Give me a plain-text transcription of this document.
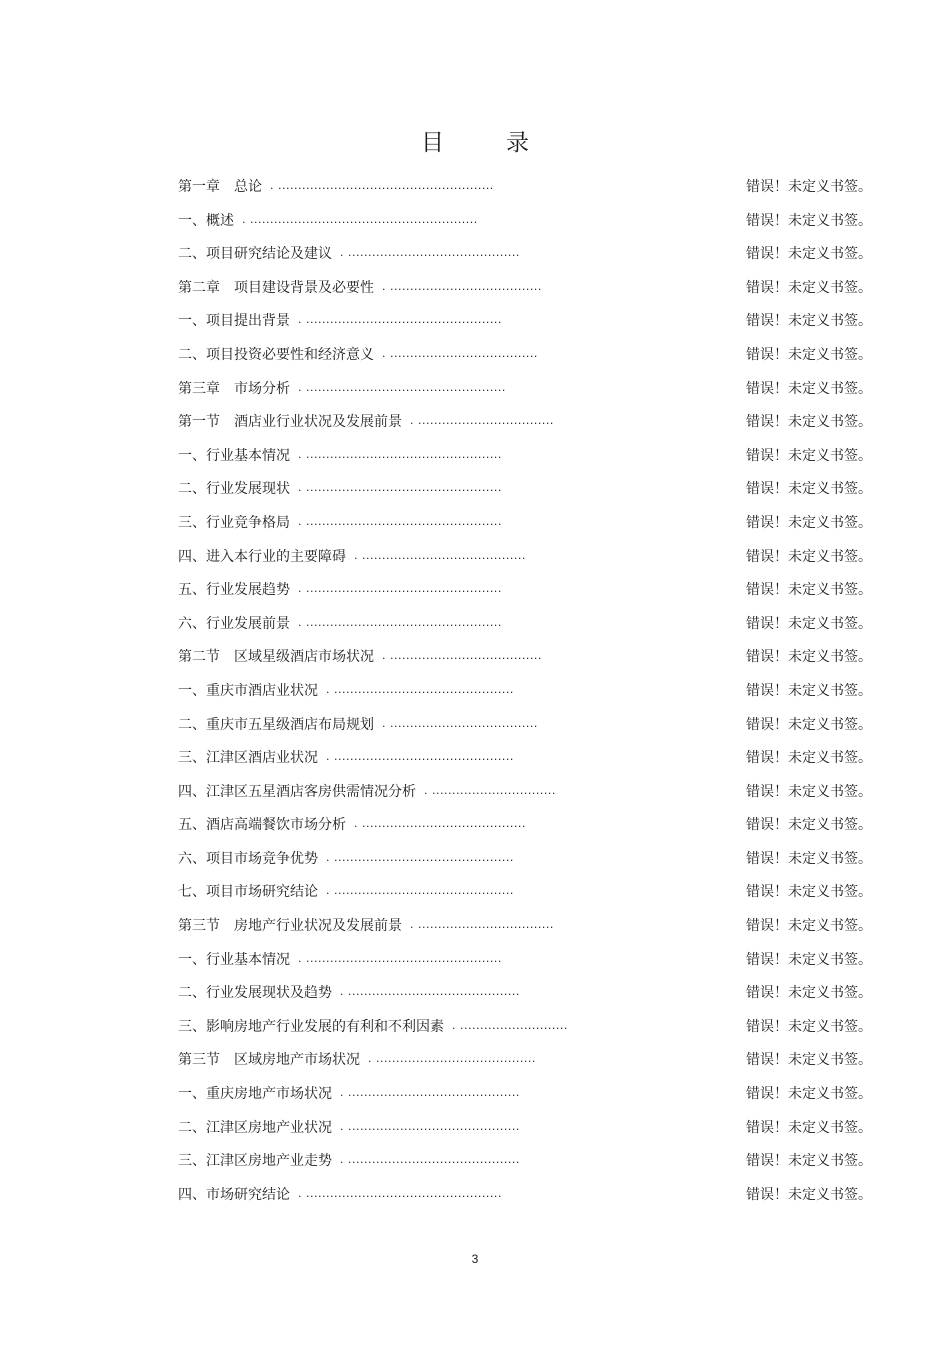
目	录
第一章　总论 . ......................................................	错误！未定义书签。
一、概述 . .........................................................	错误！未定义书签。
二、项目研究结论及建议 . ...........................................	错误！未定义书签。
第二章　项目建设背景及必要性 . ......................................	错误！未定义书签。
一、项目提出背景 . .................................................	错误！未定义书签。
二、项目投资必要性和经济意义 . .....................................	错误！未定义书签。
第三章　市场分析 . ..................................................	错误！未定义书签。
第一节　酒店业行业状况及发展前景 . ..................................	错误！未定义书签。
一、行业基本情况 . .................................................	错误！未定义书签。
二、行业发展现状 . .................................................	错误！未定义书签。
三、行业竞争格局 . .................................................	错误！未定义书签。
四、进入本行业的主要障碍 . .........................................	错误！未定义书签。
五、行业发展趋势 . .................................................	错误！未定义书签。
六、行业发展前景 . .................................................	错误！未定义书签。
第二节　区域星级酒店市场状况 . ......................................	错误！未定义书签。
一、重庆市酒店业状况 . .............................................	错误！未定义书签。
二、重庆市五星级酒店布局规划 . .....................................	错误！未定义书签。
三、江津区酒店业状况 . .............................................	错误！未定义书签。
四、江津区五星酒店客房供需情况分析 . ...............................	错误！未定义书签。
五、酒店高端餐饮市场分析 . .........................................	错误！未定义书签。
六、项目市场竞争优势 . .............................................	错误！未定义书签。
七、项目市场研究结论 . .............................................	错误！未定义书签。
第三节　房地产行业状况及发展前景 . ..................................	错误！未定义书签。
一、行业基本情况 . .................................................	错误！未定义书签。
二、行业发展现状及趋势 . ...........................................	错误！未定义书签。
三、影响房地产行业发展的有利和不利因素 . ...........................	错误！未定义书签。
第三节　区域房地产市场状况 . ........................................	错误！未定义书签。
一、重庆房地产市场状况 . ...........................................	错误！未定义书签。
二、江津区房地产业状况 . ...........................................	错误！未定义书签。
三、江津区房地产业走势 . ...........................................	错误！未定义书签。
四、市场研究结论 . .................................................	错误！未定义书签。
3
